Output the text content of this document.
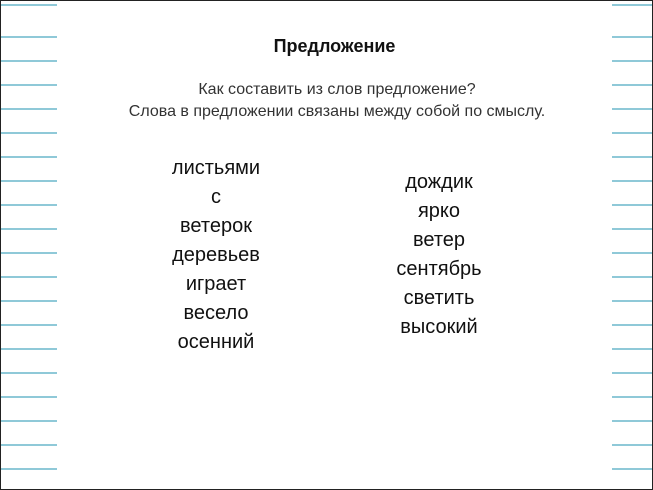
Предложение
Как составить из слов предложение?
Слова в предложении связаны между собой по смыслу.
листьями
с
ветерок
деревьев
играет
весело
осенний
дождик
ярко
ветер
сентябрь
светить
высокий
